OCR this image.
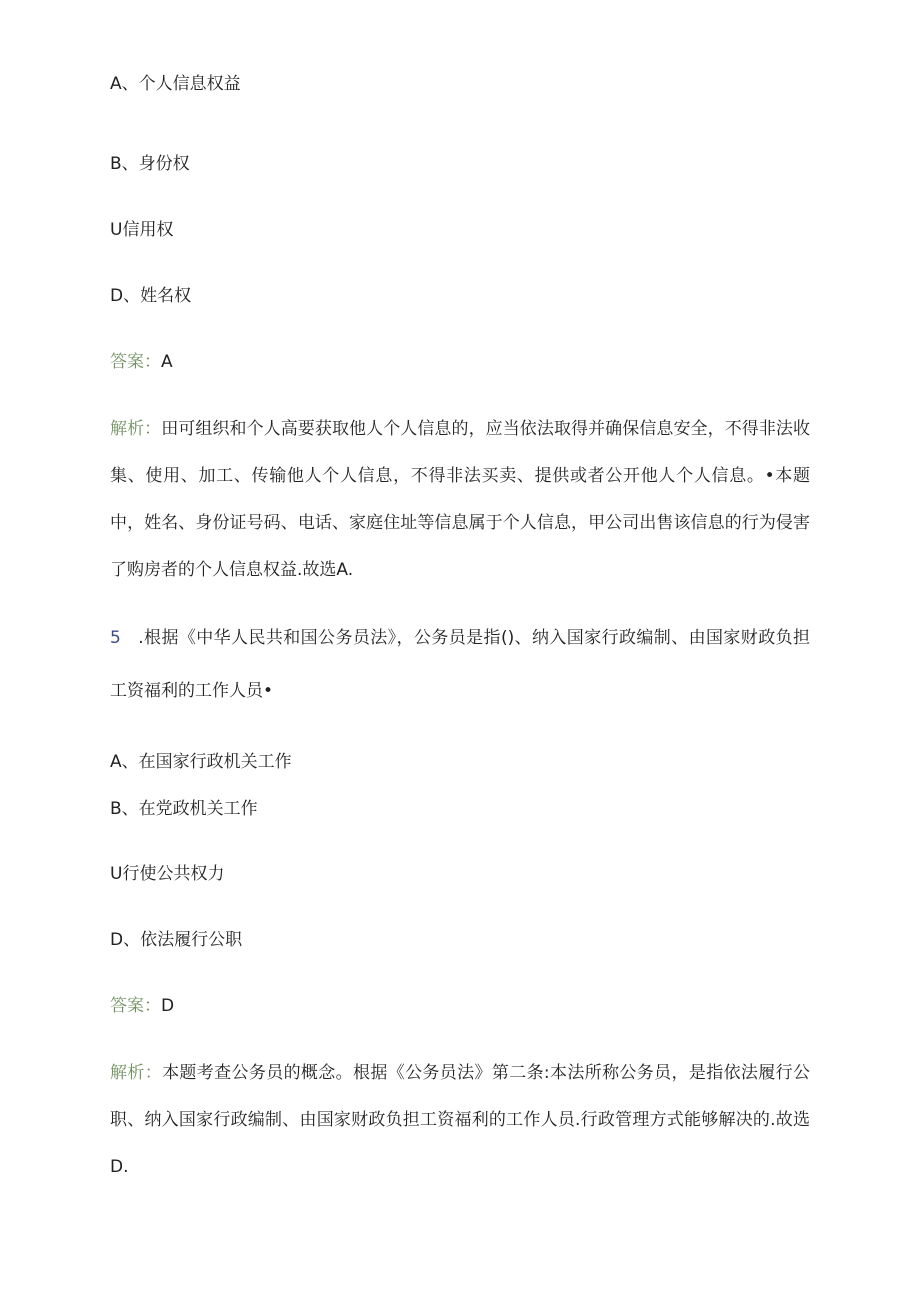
A、个人信息权益
B、身份权
U信用权
D、姓名权
答案：A
解析：田可组织和个人高要获取他人个人信息的，应当依法取得并确保信息安全，不得非法收集、使用、加工、传输他人个人信息，不得非法买卖、提供或者公开他人个人信息。•本题中，姓名、身份证号码、电话、家庭住址等信息属于个人信息，甲公司出售该信息的行为侵害了购房者的个人信息权益.故选A.
5 .根据《中华人民共和国公务员法》，公务员是指()、纳入国家行政编制、由国家财政负担工资福利的工作人员•
A、在国家行政机关工作
B、在党政机关工作
U行使公共权力
D、依法履行公职
答案：D
解析：本题考查公务员的概念。根据《公务员法》第二条:本法所称公务员，是指依法履行公职、纳入国家行政编制、由国家财政负担工资福利的工作人员.行政管理方式能够解决的.故选D.
